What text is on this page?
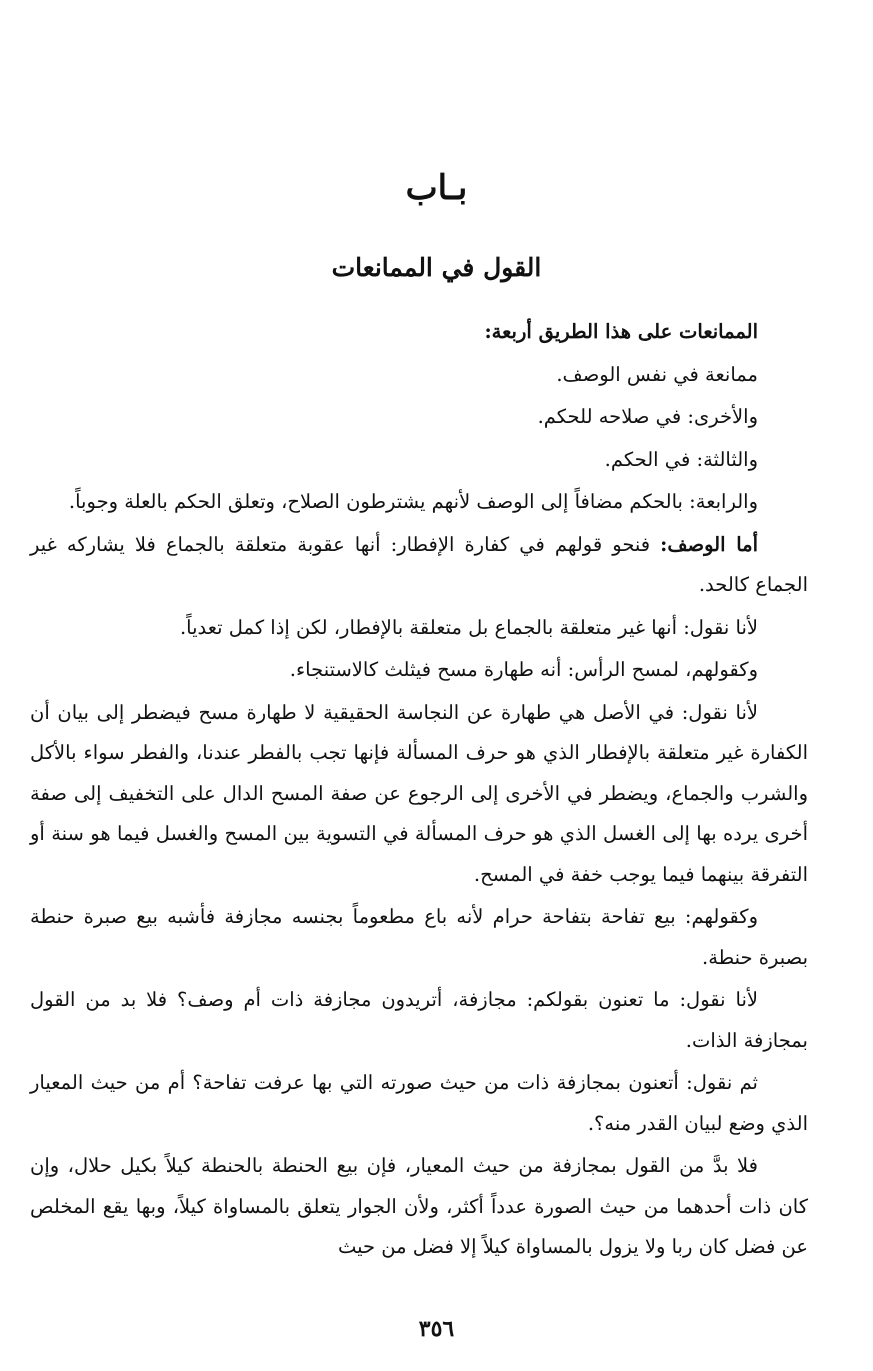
بـاب
القول في الممانعات

الممانعات على هذا الطريق أربعة:

ممانعة في نفس الوصف.

والأخرى: في صلاحه للحكم.

والثالثة: في الحكم.

والرابعة: بالحكم مضافاً إلى الوصف لأنهم يشترطون الصلاح، وتعلق الحكم بالعلة وجوباً.

أما الوصف: فنحو قولهم في كفارة الإفطار: أنها عقوبة متعلقة بالجماع فلا يشاركه غير الجماع كالحد.

لأنا نقول: أنها غير متعلقة بالجماع بل متعلقة بالإفطار، لكن إذا كمل تعدياً.

وكقولهم، لمسح الرأس: أنه طهارة مسح فيثلث كالاستنجاء.

لأنا نقول: في الأصل هي طهارة عن النجاسة الحقيقية لا طهارة مسح فيضطر إلى بيان أن الكفارة غير متعلقة بالإفطار الذي هو حرف المسألة فإنها تجب بالفطر عندنا، والفطر سواء بالأكل والشرب والجماع، ويضطر في الأخرى إلى الرجوع عن صفة المسح الدال على التخفيف إلى صفة أخرى يرده بها إلى الغسل الذي هو حرف المسألة في التسوية بين المسح والغسل فيما هو سنة أو التفرقة بينهما فيما يوجب خفة في المسح.

وكقولهم: بيع تفاحة بتفاحة حرام لأنه باع مطعوماً بجنسه مجازفة فأشبه بيع صبرة حنطة بصبرة حنطة.

لأنا نقول: ما تعنون بقولكم: مجازفة، أتريدون مجازفة ذات أم وصف؟ فلا بد من القول بمجازفة الذات.

ثم نقول: أتعنون بمجازفة ذات من حيث صورته التي بها عرفت تفاحة؟ أم من حيث المعيار الذي وضع لبيان القدر منه؟.

فلا بدَّ من القول بمجازفة من حيث المعيار، فإن بيع الحنطة بالحنطة كيلاً بكيل حلال، وإن كان ذات أحدهما من حيث الصورة عدداً أكثر، ولأن الجوار يتعلق بالمساواة كيلاً، وبها يقع المخلص عن فضل كان ربا ولا يزول بالمساواة كيلاً إلا فضل من حيث

٣٥٦
